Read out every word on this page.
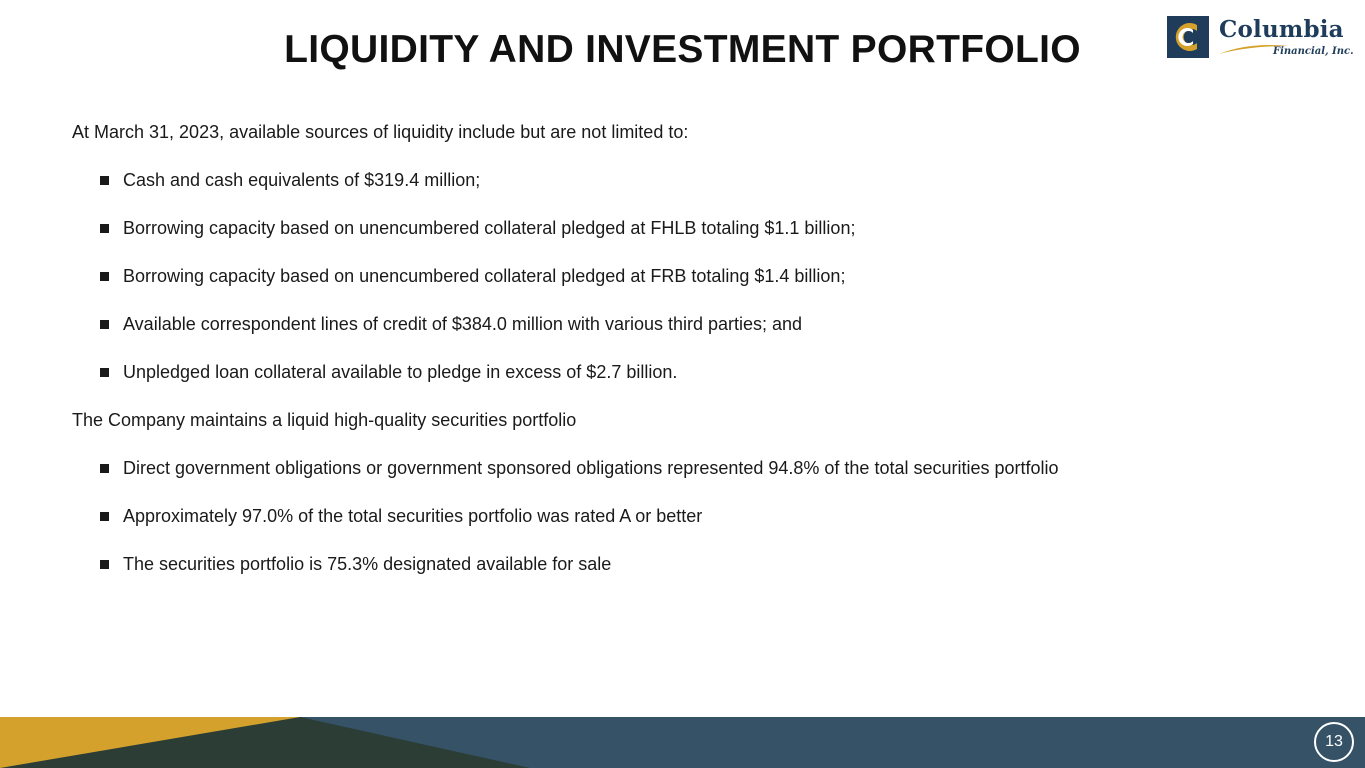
LIQUIDITY AND INVESTMENT PORTFOLIO	Columbia
Financial, Inc.

At March 31, 2023, available sources of liquidity include but are not limited to:

Cash and cash equivalents of $319.4 million;
Borrowing capacity based on unencumbered collateral pledged at FHLB totaling $1.1 billion;
Borrowing capacity based on unencumbered collateral pledged at FRB totaling $1.4 billion;
Available correspondent lines of credit of $384.0 million with various third parties; and
Unpledged loan collateral available to pledge in excess of $2.7 billion.

The Company maintains a liquid high-quality securities portfolio

Direct government obligations or government sponsored obligations represented 94.8% of the total securities portfolio
Approximately 97.0% of the total securities portfolio was rated A or better
The securities portfolio is 75.3% designated available for sale
13
